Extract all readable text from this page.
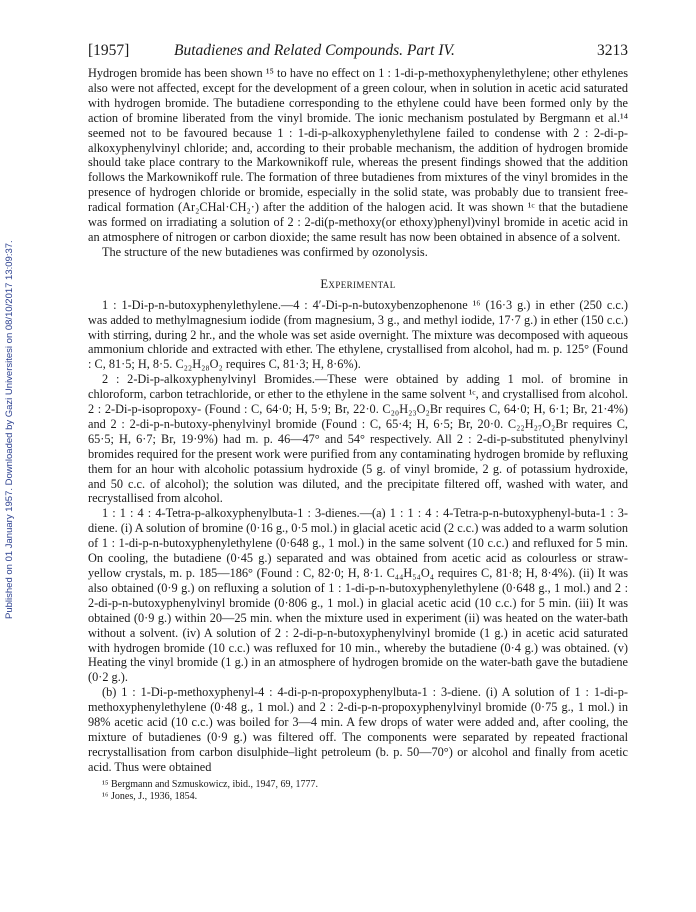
Published on 01 January 1957. Downloaded by Gazi Universitesi on 08/10/2017 13:09:37.
[1957]	Butadienes and Related Compounds. Part IV.	3213

Hydrogen bromide has been shown ¹⁵ to have no effect on 1 : 1-di-p-methoxyphenylethylene; other ethylenes also were not affected, except for the development of a green colour, when in solution in acetic acid saturated with hydrogen bromide. The butadiene corresponding to the ethylene could have been formed only by the action of bromine liberated from the vinyl bromide. The ionic mechanism postulated by Bergmann et al.¹⁴ seemed not to be favoured because 1 : 1-di-p-alkoxyphenylethylene failed to condense with 2 : 2-di-p-alkoxyphenylvinyl chloride; and, according to their probable mechanism, the addition of hydrogen bromide should take place contrary to the Markownikoff rule, whereas the present findings showed that the addition follows the Markownikoff rule. The formation of three butadienes from mixtures of the vinyl bromides in the presence of hydrogen chloride or bromide, especially in the solid state, was probably due to transient free-radical formation (Ar₂CHal·CH₂·) after the addition of the halogen acid. It was shown ¹ᶜ that the butadiene was formed on irradiating a solution of 2 : 2-di(p-methoxy(or ethoxy)phenyl)vinyl bromide in acetic acid in an atmosphere of nitrogen or carbon dioxide; the same result has now been obtained in absence of a solvent.

The structure of the new butadienes was confirmed by ozonolysis.

Experimental

1 : 1-Di-p-n-butoxyphenylethylene.—4 : 4′-Di-p-n-butoxybenzophenone ¹⁶ (16·3 g.) in ether (250 c.c.) was added to methylmagnesium iodide (from magnesium, 3 g., and methyl iodide, 17·7 g.) in ether (150 c.c.) with stirring, during 2 hr., and the whole was set aside overnight. The mixture was decomposed with aqueous ammonium chloride and extracted with ether. The ethylene, crystallised from alcohol, had m. p. 125° (Found : C, 81·5; H, 8·5. C₂₂H₂₈O₂ requires C, 81·3; H, 8·6%).

2 : 2-Di-p-alkoxyphenylvinyl Bromides.—These were obtained by adding 1 mol. of bromine in chloroform, carbon tetrachloride, or ether to the ethylene in the same solvent ¹ᶜ, and crystallised from alcohol. 2 : 2-Di-p-isopropoxy- (Found : C, 64·0; H, 5·9; Br, 22·0. C₂₀H₂₃O₂Br requires C, 64·0; H, 6·1; Br, 21·4%) and 2 : 2-di-p-n-butoxy-phenylvinyl bromide (Found : C, 65·4; H, 6·5; Br, 20·0. C₂₂H₂₇O₂Br requires C, 65·5; H, 6·7; Br, 19·9%) had m. p. 46—47° and 54° respectively. All 2 : 2-di-p-substituted phenylvinyl bromides required for the present work were purified from any contaminating hydrogen bromide by refluxing them for an hour with alcoholic potassium hydroxide (5 g. of vinyl bromide, 2 g. of potassium hydroxide, and 50 c.c. of alcohol); the solution was diluted, and the precipitate filtered off, washed with water, and recrystallised from alcohol.

1 : 1 : 4 : 4-Tetra-p-alkoxyphenylbuta-1 : 3-dienes.—(a) 1 : 1 : 4 : 4-Tetra-p-n-butoxyphenyl-buta-1 : 3-diene. (i) A solution of bromine (0·16 g., 0·5 mol.) in glacial acetic acid (2 c.c.) was added to a warm solution of 1 : 1-di-p-n-butoxyphenylethylene (0·648 g., 1 mol.) in the same solvent (10 c.c.) and refluxed for 5 min. On cooling, the butadiene (0·45 g.) separated and was obtained from acetic acid as colourless or straw-yellow crystals, m. p. 185—186° (Found : C, 82·0; H, 8·1. C₄₄H₅₄O₄ requires C, 81·8; H, 8·4%). (ii) It was also obtained (0·9 g.) on refluxing a solution of 1 : 1-di-p-n-butoxyphenylethylene (0·648 g., 1 mol.) and 2 : 2-di-p-n-butoxyphenylvinyl bromide (0·806 g., 1 mol.) in glacial acetic acid (10 c.c.) for 5 min. (iii) It was obtained (0·9 g.) within 20—25 min. when the mixture used in experiment (ii) was heated on the water-bath without a solvent. (iv) A solution of 2 : 2-di-p-n-butoxyphenylvinyl bromide (1 g.) in acetic acid saturated with hydrogen bromide (10 c.c.) was refluxed for 10 min., whereby the butadiene (0·4 g.) was obtained. (v) Heating the vinyl bromide (1 g.) in an atmosphere of hydrogen bromide on the water-bath gave the butadiene (0·2 g.).

(b) 1 : 1-Di-p-methoxyphenyl-4 : 4-di-p-n-propoxyphenylbuta-1 : 3-diene. (i) A solution of 1 : 1-di-p-methoxyphenylethylene (0·48 g., 1 mol.) and 2 : 2-di-p-n-propoxyphenylvinyl bromide (0·75 g., 1 mol.) in 98% acetic acid (10 c.c.) was boiled for 3—4 min. A few drops of water were added and, after cooling, the mixture of butadienes (0·9 g.) was filtered off. The components were separated by repeated fractional recrystallisation from carbon disulphide–light petroleum (b. p. 50—70°) or alcohol and finally from acetic acid. Thus were obtained

¹⁵ Bergmann and Szmuskowicz, ibid., 1947, 69, 1777.
¹⁶ Jones, J., 1936, 1854.
